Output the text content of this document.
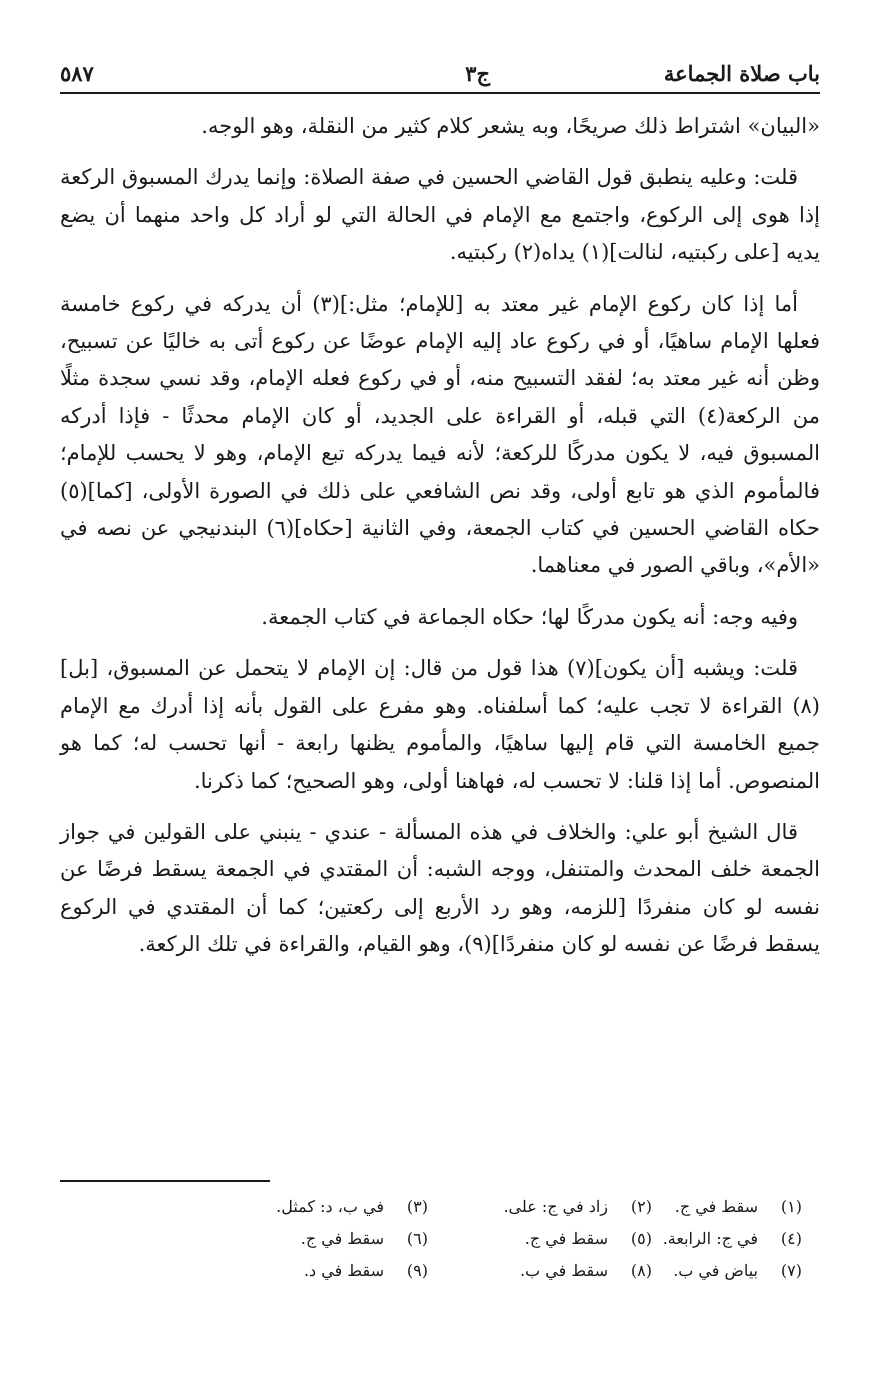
باب صلاة الجماعة
ج٣
٥٨٧

«البيان» اشتراط ذلك صريحًا، وبه يشعر كلام كثير من النقلة، وهو الوجه.

قلت: وعليه ينطبق قول القاضي الحسين في صفة الصلاة: وإنما يدرك المسبوق الركعة إذا هوى إلى الركوع، واجتمع مع الإمام في الحالة التي لو أراد كل واحد منهما أن يضع يديه [على ركبتيه، لنالت](١) يداه(٢) ركبتيه.

أما إذا كان ركوع الإمام غير معتد به [للإمام؛ مثل:](٣) أن يدركه في ركوع خامسة فعلها الإمام ساهيًا، أو في ركوع عاد إليه الإمام عوضًا عن ركوع أتى به خاليًا عن تسبيح، وظن أنه غير معتد به؛ لفقد التسبيح منه، أو في ركوع فعله الإمام، وقد نسي سجدة مثلًا من الركعة(٤) التي قبله، أو القراءة على الجديد، أو كان الإمام محدثًا - فإذا أدركه المسبوق فيه، لا يكون مدركًا للركعة؛ لأنه فيما يدركه تبع الإمام، وهو لا يحسب للإمام؛ فالمأموم الذي هو تابع أولى، وقد نص الشافعي على ذلك في الصورة الأولى، [كما](٥) حكاه القاضي الحسين في كتاب الجمعة، وفي الثانية [حكاه](٦) البندنيجي عن نصه في «الأم»، وباقي الصور في معناهما.

وفيه وجه: أنه يكون مدركًا لها؛ حكاه الجماعة في كتاب الجمعة.

قلت: ويشبه [أن يكون](٧) هذا قول من قال: إن الإمام لا يتحمل عن المسبوق، [بل](٨) القراءة لا تجب عليه؛ كما أسلفناه. وهو مفرع على القول بأنه إذا أدرك مع الإمام جميع الخامسة التي قام إليها ساهيًا، والمأموم يظنها رابعة - أنها تحسب له؛ كما هو المنصوص. أما إذا قلنا: لا تحسب له، فهاهنا أولى، وهو الصحيح؛ كما ذكرنا.

قال الشيخ أبو علي: والخلاف في هذه المسألة - عندي - ينبني على القولين في جواز الجمعة خلف المحدث والمتنفل، ووجه الشبه: أن المقتدي في الجمعة يسقط فرضًا عن نفسه لو كان منفردًا [للزمه، وهو رد الأربع إلى ركعتين؛ كما أن المقتدي في الركوع يسقط فرضًا عن نفسه لو كان منفردًا](٩)، وهو القيام، والقراءة في تلك الركعة.

(١)
سقط في ج.
(٢)
زاد في ج: على.
(٣)
في ب، د: كمثل.
(٤)
في ج: الرابعة.
(٥)
سقط في ج.
(٦)
سقط في ج.
(٧)
بياض في ب.
(٨)
سقط في ب.
(٩)
سقط في د.
